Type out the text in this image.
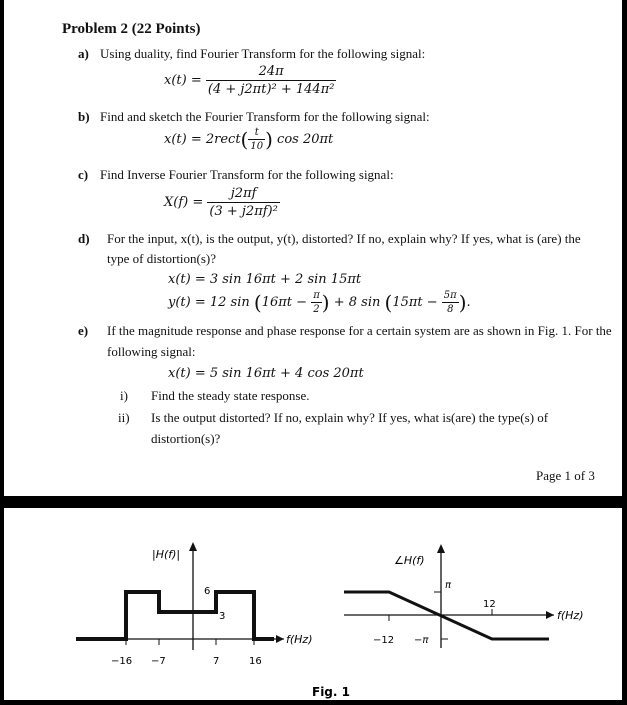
Problem 2 (22 Points)
a) Using duality, find Fourier Transform for the following signal:
$x(t) = \frac{24\pi}{\text{(4 + j2πt)² + 144π²}}$
b) Find and sketch the Fourier Transform for the following signal:
x(t) = 2rect( $\frac{t}{10}$ ) cos 20πt
c) Find Inverse Fourier Transform for the following signal:
$X(f) = \frac{j2\pi f}{\text{(3 + j2πf)²}}$
d) For the input, x(t), is the output, y(t), distorted? If no, explain why? If yes, what is (are) the
type of distortion(s)?
x(t) = 3 sin 16πt + 2 sin 15πt
y(t) = 12 $\sin (16\pi t - \frac{\pi}{2}$ ) + 8 $\sin (15\pi t - \frac{5\pi}{8}$ ).
e) If the magnitude response and phase response for a certain system are as shown in Fig. 1. For the
following signal:
x(t) = 5 sin 16πt + 4 cos 20πt
i) Find the steady state response.
ii) Is the output distorted? If no, explain why? If yes, what is(are) the type(s) of
distortion(s)?
Page 1 of 3
|H(f)|
6
3
f(Hz)
−16 −7	7	16
∠H(f)
π
−π
12
−12
f(Hz)
Fig. 1
